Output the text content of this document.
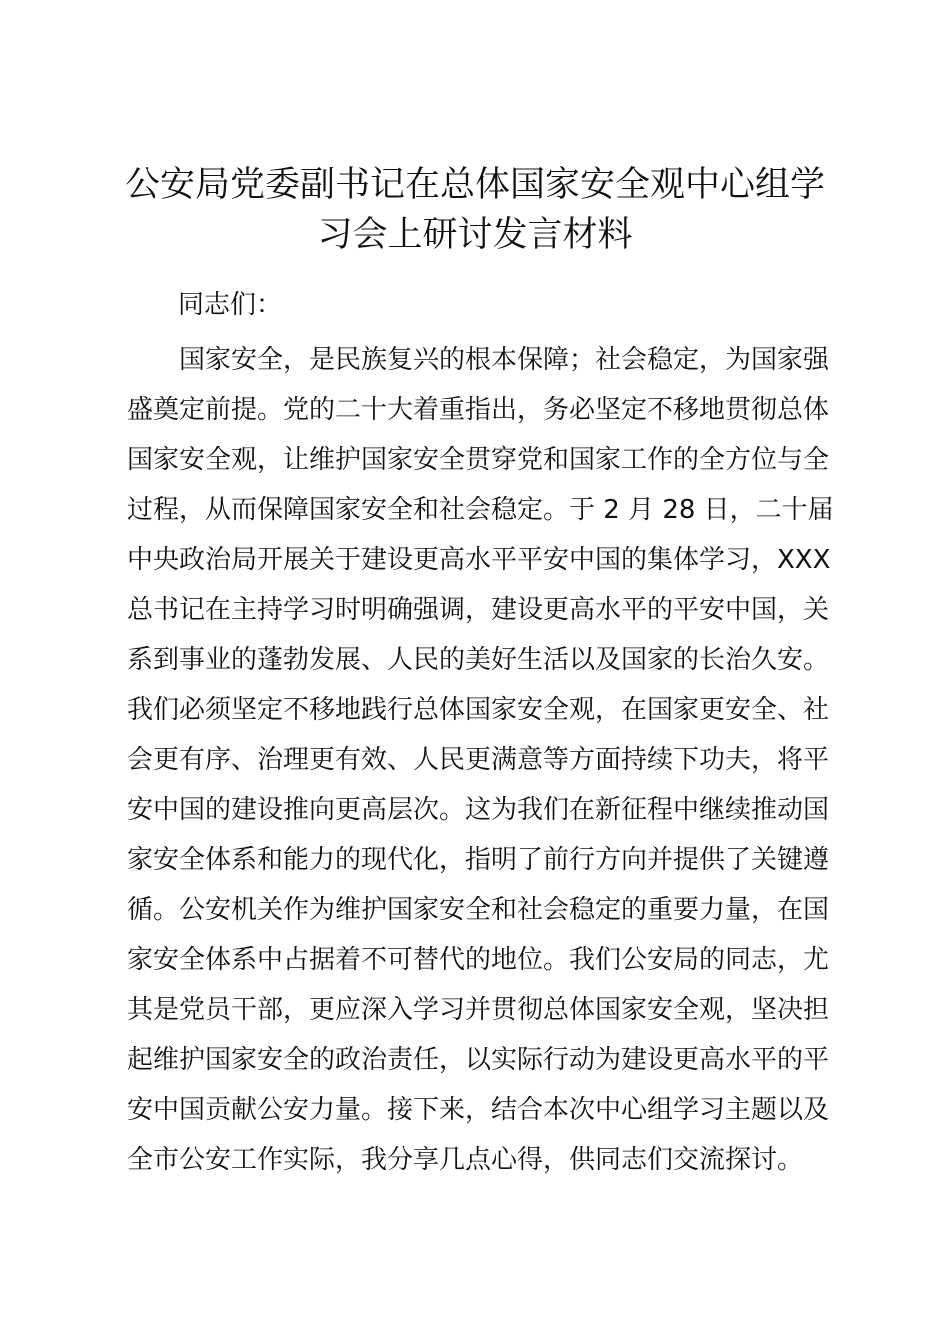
公安局党委副书记在总体国家安全观中心组学
习会上研讨发言材料

同志们：

国家安全，是民族复兴的根本保障；社会稳定，为国家强
盛奠定前提。党的二十大着重指出，务必坚定不移地贯彻总体
国家安全观，让维护国家安全贯穿党和国家工作的全方位与全
过程，从而保障国家安全和社会稳定。于 2 月 28 日，二十届
中央政治局开展关于建设更高水平平安中国的集体学习，XXX
总书记在主持学习时明确强调，建设更高水平的平安中国，关
系到事业的蓬勃发展、人民的美好生活以及国家的长治久安。
我们必须坚定不移地践行总体国家安全观，在国家更安全、社
会更有序、治理更有效、人民更满意等方面持续下功夫，将平
安中国的建设推向更高层次。这为我们在新征程中继续推动国
家安全体系和能力的现代化，指明了前行方向并提供了关键遵
循。公安机关作为维护国家安全和社会稳定的重要力量，在国
家安全体系中占据着不可替代的地位。我们公安局的同志，尤
其是党员干部，更应深入学习并贯彻总体国家安全观，坚决担
起维护国家安全的政治责任，以实际行动为建设更高水平的平
安中国贡献公安力量。接下来，结合本次中心组学习主题以及
全市公安工作实际，我分享几点心得，供同志们交流探讨。
